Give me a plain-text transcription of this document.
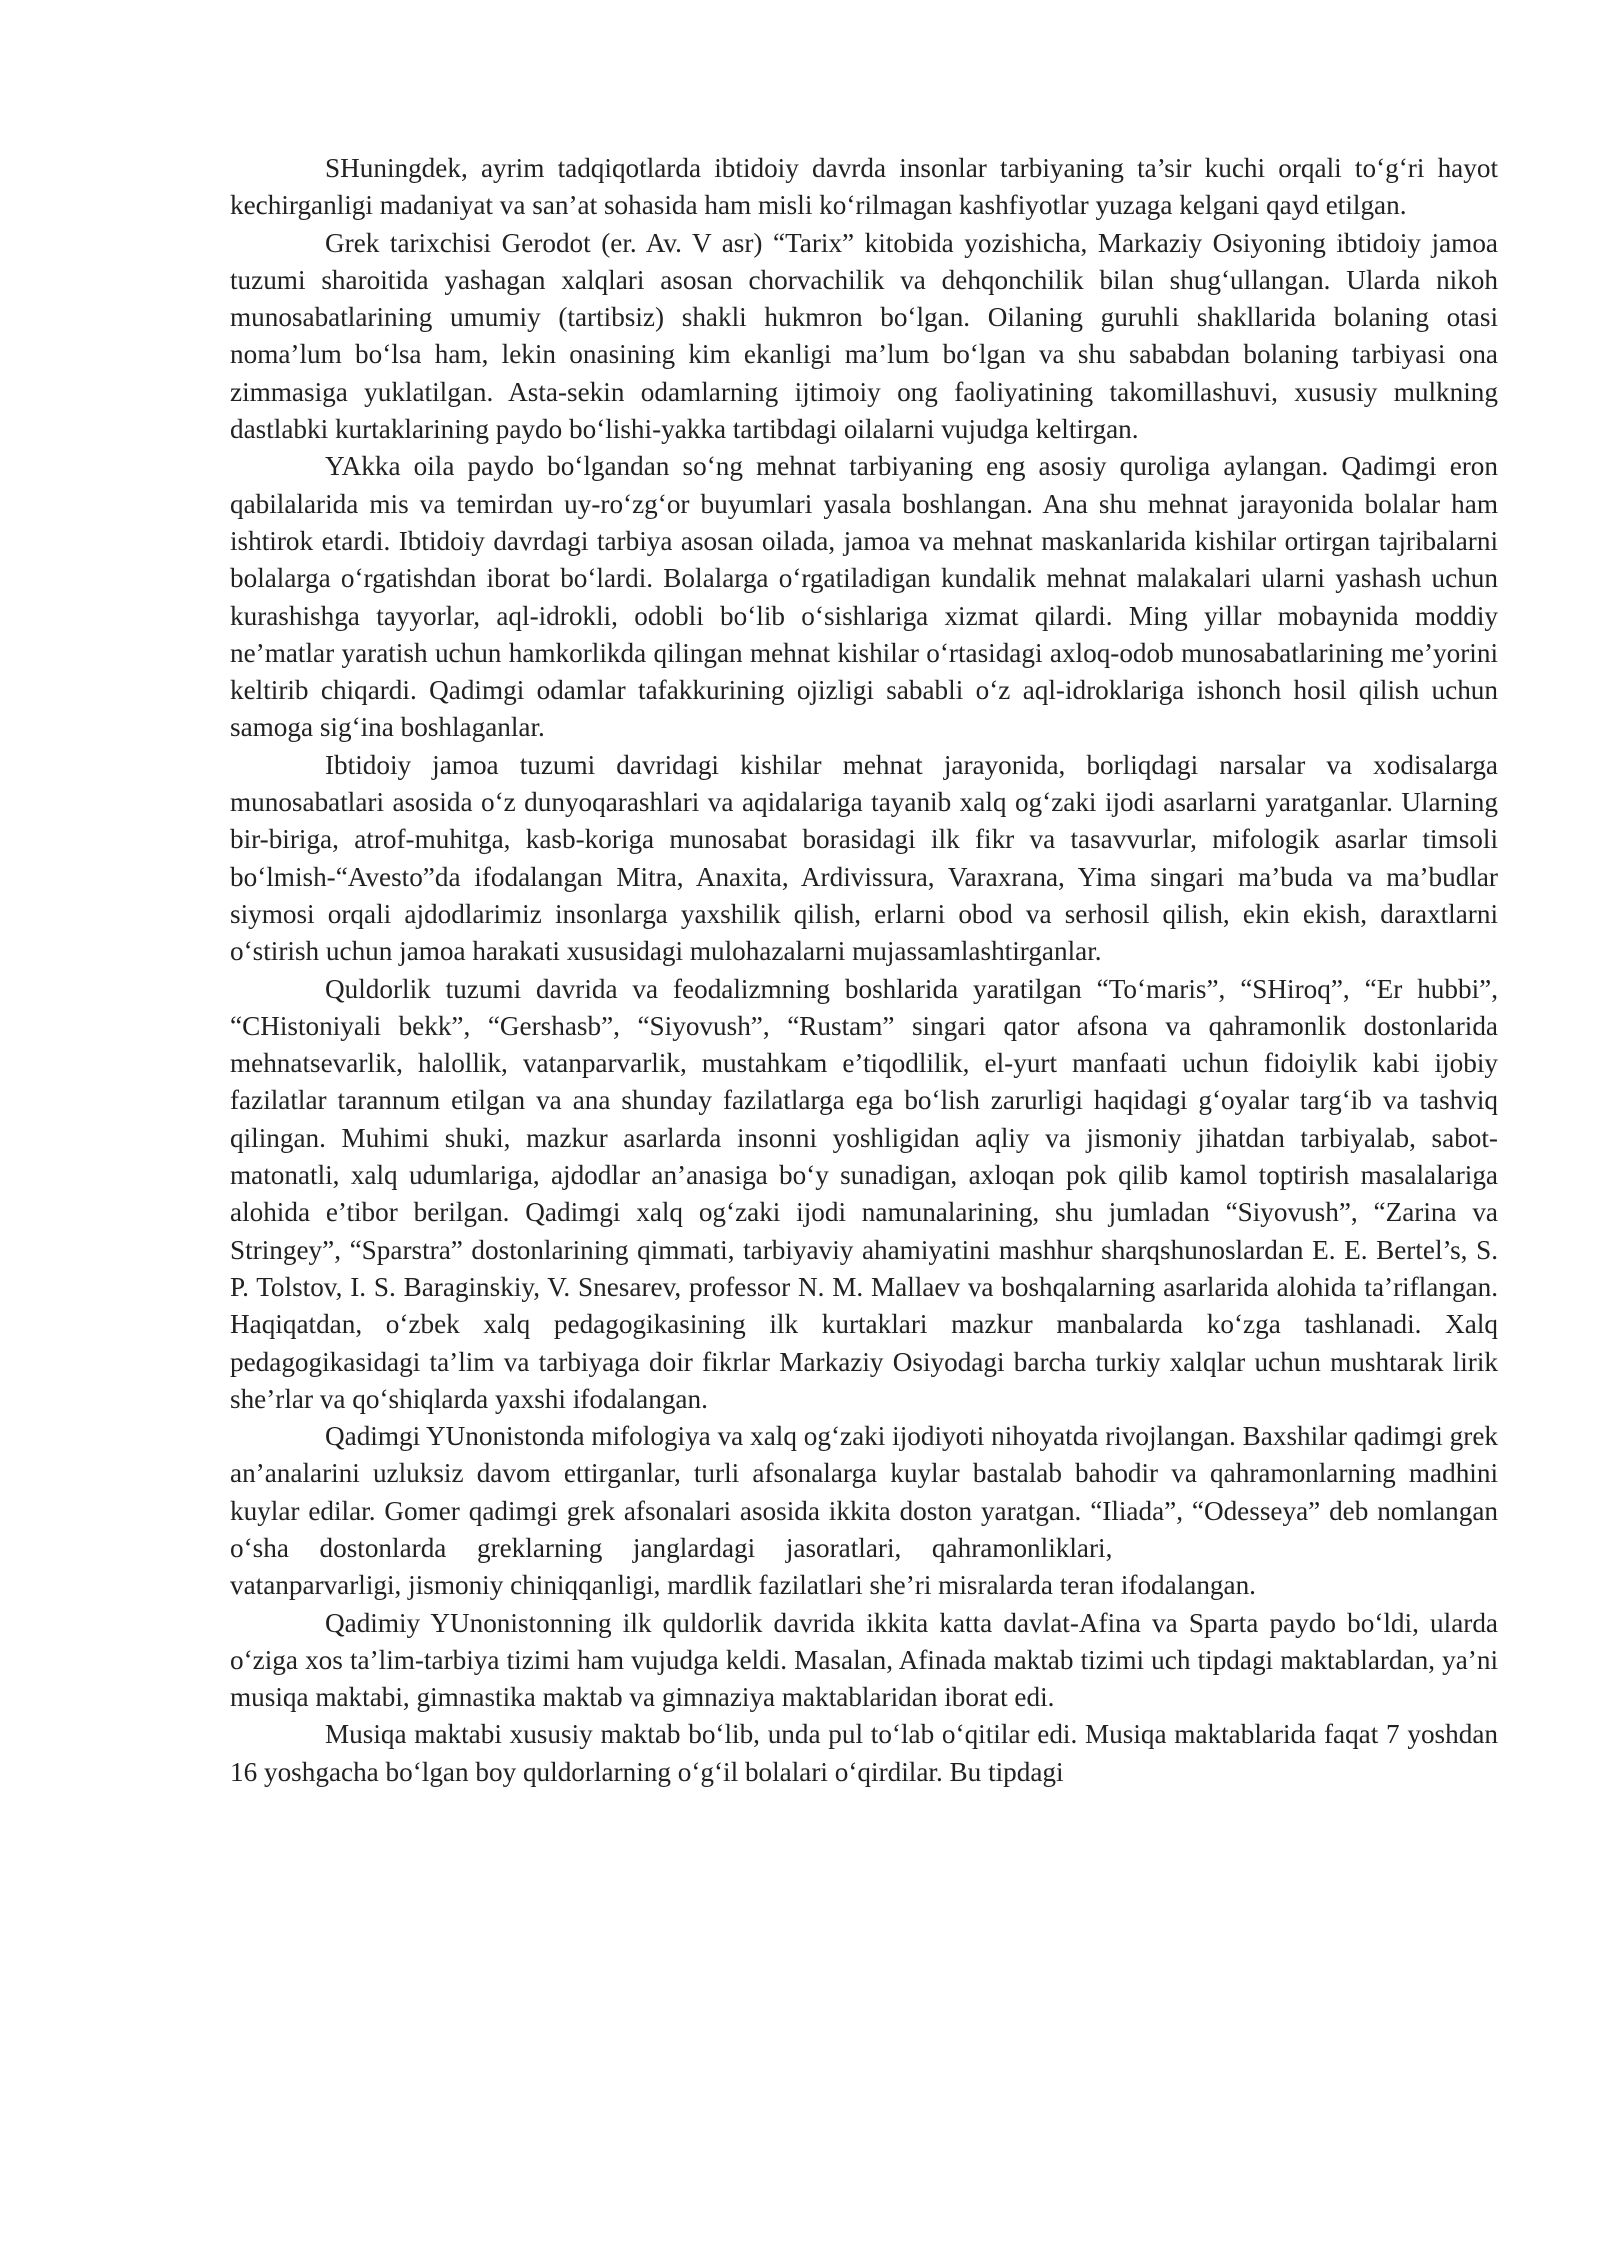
SHuningdek, ayrim tadqiqotlarda ibtidoiy davrda insonlar tarbiyaning ta’sir kuchi orqali to‘g‘ri hayot kechirganligi madaniyat va san’at sohasida ham misli ko‘rilmagan kashfiyotlar yuzaga kelgani qayd etilgan.

Grek tarixchisi Gerodot (er. Av. V asr) “Tarix” kitobida yozishicha, Markaziy Osiyoning ibtidoiy jamoa tuzumi sharoitida yashagan xalqlari asosan chorvachilik va dehqonchilik bilan shug‘ullangan. Ularda nikoh munosabatlarining umumiy (tartibsiz) shakli hukmron bo‘lgan. Oilaning guruhli shakllarida bolaning otasi noma’lum bo‘lsa ham, lekin onasining kim ekanligi ma’lum bo‘lgan va shu sababdan bolaning tarbiyasi ona zimmasiga yuklatilgan. Asta-sekin odamlarning ijtimoiy ong faoliyatining takomillashuvi, xususiy mulkning dastlabki kurtaklarining paydo bo‘lishi-yakka tartibdagi oilalarni vujudga keltirgan.

YAkka oila paydo bo‘lgandan so‘ng mehnat tarbiyaning eng asosiy quroliga aylangan. Qadimgi eron qabilalarida mis va temirdan uy-ro‘zg‘or buyumlari yasala boshlangan. Ana shu mehnat jarayonida bolalar ham ishtirok etardi. Ibtidoiy davrdagi tarbiya asosan oilada, jamoa va mehnat maskanlarida kishilar ortirgan tajribalarni bolalarga o‘rgatishdan iborat bo‘lardi. Bolalarga o‘rgatiladigan kundalik mehnat malakalari ularni yashash uchun kurashishga tayyorlar, aql-idrokli, odobli bo‘lib o‘sishlariga xizmat qilardi. Ming yillar mobaynida moddiy ne’matlar yaratish uchun hamkorlikda qilingan mehnat kishilar o‘rtasidagi axloq-odob munosabatlarining me’yorini keltirib chiqardi. Qadimgi odamlar tafakkurining ojizligi sababli o‘z aql-idroklariga ishonch hosil qilish uchun samoga sig‘ina boshlaganlar.

Ibtidoiy jamoa tuzumi davridagi kishilar mehnat jarayonida, borliqdagi narsalar va xodisalarga munosabatlari asosida o‘z dunyoqarashlari va aqidalariga tayanib xalq og‘zaki ijodi asarlarni yaratganlar. Ularning bir-biriga, atrof-muhitga, kasb-koriga munosabat borasidagi ilk fikr va tasavvurlar, mifologik asarlar timsoli bo‘lmish-“Avesto”da ifodalangan Mitra, Anaxita, Ardivissura, Varaxrana, Yima singari ma’buda va ma’budlar siymosi orqali ajdodlarimiz insonlarga yaxshilik qilish, erlarni obod va serhosil qilish, ekin ekish, daraxtlarni o‘stirish uchun jamoa harakati xususidagi mulohazalarni mujassamlashtirganlar.

Quldorlik tuzumi davrida va feodalizmning boshlarida yaratilgan “To‘maris”, “SHiroq”, “Er hubbi”, “CHistoniyali bekk”, “Gershasb”, “Siyovush”, “Rustam” singari qator afsona va qahramonlik dostonlarida mehnatsevarlik, halollik, vatanparvarlik, mustahkam e’tiqodlilik, el-yurt manfaati uchun fidoiylik kabi ijobiy fazilatlar tarannum etilgan va ana shunday fazilatlarga ega bo‘lish zarurligi haqidagi g‘oyalar targ‘ib va tashviq qilingan. Muhimi shuki, mazkur asarlarda insonni yoshligidan aqliy va jismoniy jihatdan tarbiyalab, sabot-matonatli, xalq udumlariga, ajdodlar an’anasiga bo‘y sunadigan, axloqan pok qilib kamol toptirish masalalariga alohida e’tibor berilgan. Qadimgi xalq og‘zaki ijodi namunalarining, shu jumladan “Siyovush”, “Zarina va Stringey”, “Sparstra” dostonlarining qimmati, tarbiyaviy ahamiyatini mashhur sharqshunoslardan E. E. Bertel’s, S. P. Tolstov, I. S. Baraginskiy, V. Snesarev, professor N. M. Mallaev va boshqalarning asarlarida alohida ta’riflangan. Haqiqatdan, o‘zbek xalq pedagogikasining ilk kurtaklari mazkur manbalarda ko‘zga tashlanadi. Xalq pedagogikasidagi ta’lim va tarbiyaga doir fikrlar Markaziy Osiyodagi barcha turkiy xalqlar uchun mushtarak lirik she’rlar va qo‘shiqlarda yaxshi ifodalangan.

Qadimgi YUnonistonda mifologiya va xalq og‘zaki ijodiyoti nihoyatda rivojlangan. Baxshilar qadimgi grek an’analarini uzluksiz davom ettirganlar, turli afsonalarga kuylar bastalab bahodir va qahramonlarning madhini kuylar edilar. Gomer qadimgi grek afsonalari asosida ikkita doston yaratgan. “Iliada”, “Odesseya” deb nomlangan o‘sha dostonlarda greklarning janglardagi jasoratlari, qahramonliklari,  vatanparvarligi, jismoniy chiniqqanligi, mardlik fazilatlari she’ri misralarda teran ifodalangan.

Qadimiy YUnonistonning ilk quldorlik davrida ikkita katta davlat-Afina va Sparta paydo bo‘ldi, ularda o‘ziga xos ta’lim-tarbiya tizimi ham vujudga keldi. Masalan, Afinada maktab tizimi uch tipdagi maktablardan, ya’ni musiqa maktabi, gimnastika maktab va gimnaziya maktablaridan iborat edi.

Musiqa maktabi xususiy maktab bo‘lib, unda pul to‘lab o‘qitilar edi. Musiqa maktablarida faqat 7 yoshdan 16 yoshgacha bo‘lgan boy quldorlarning o‘g‘il bolalari o‘qirdilar. Bu tipdagi
